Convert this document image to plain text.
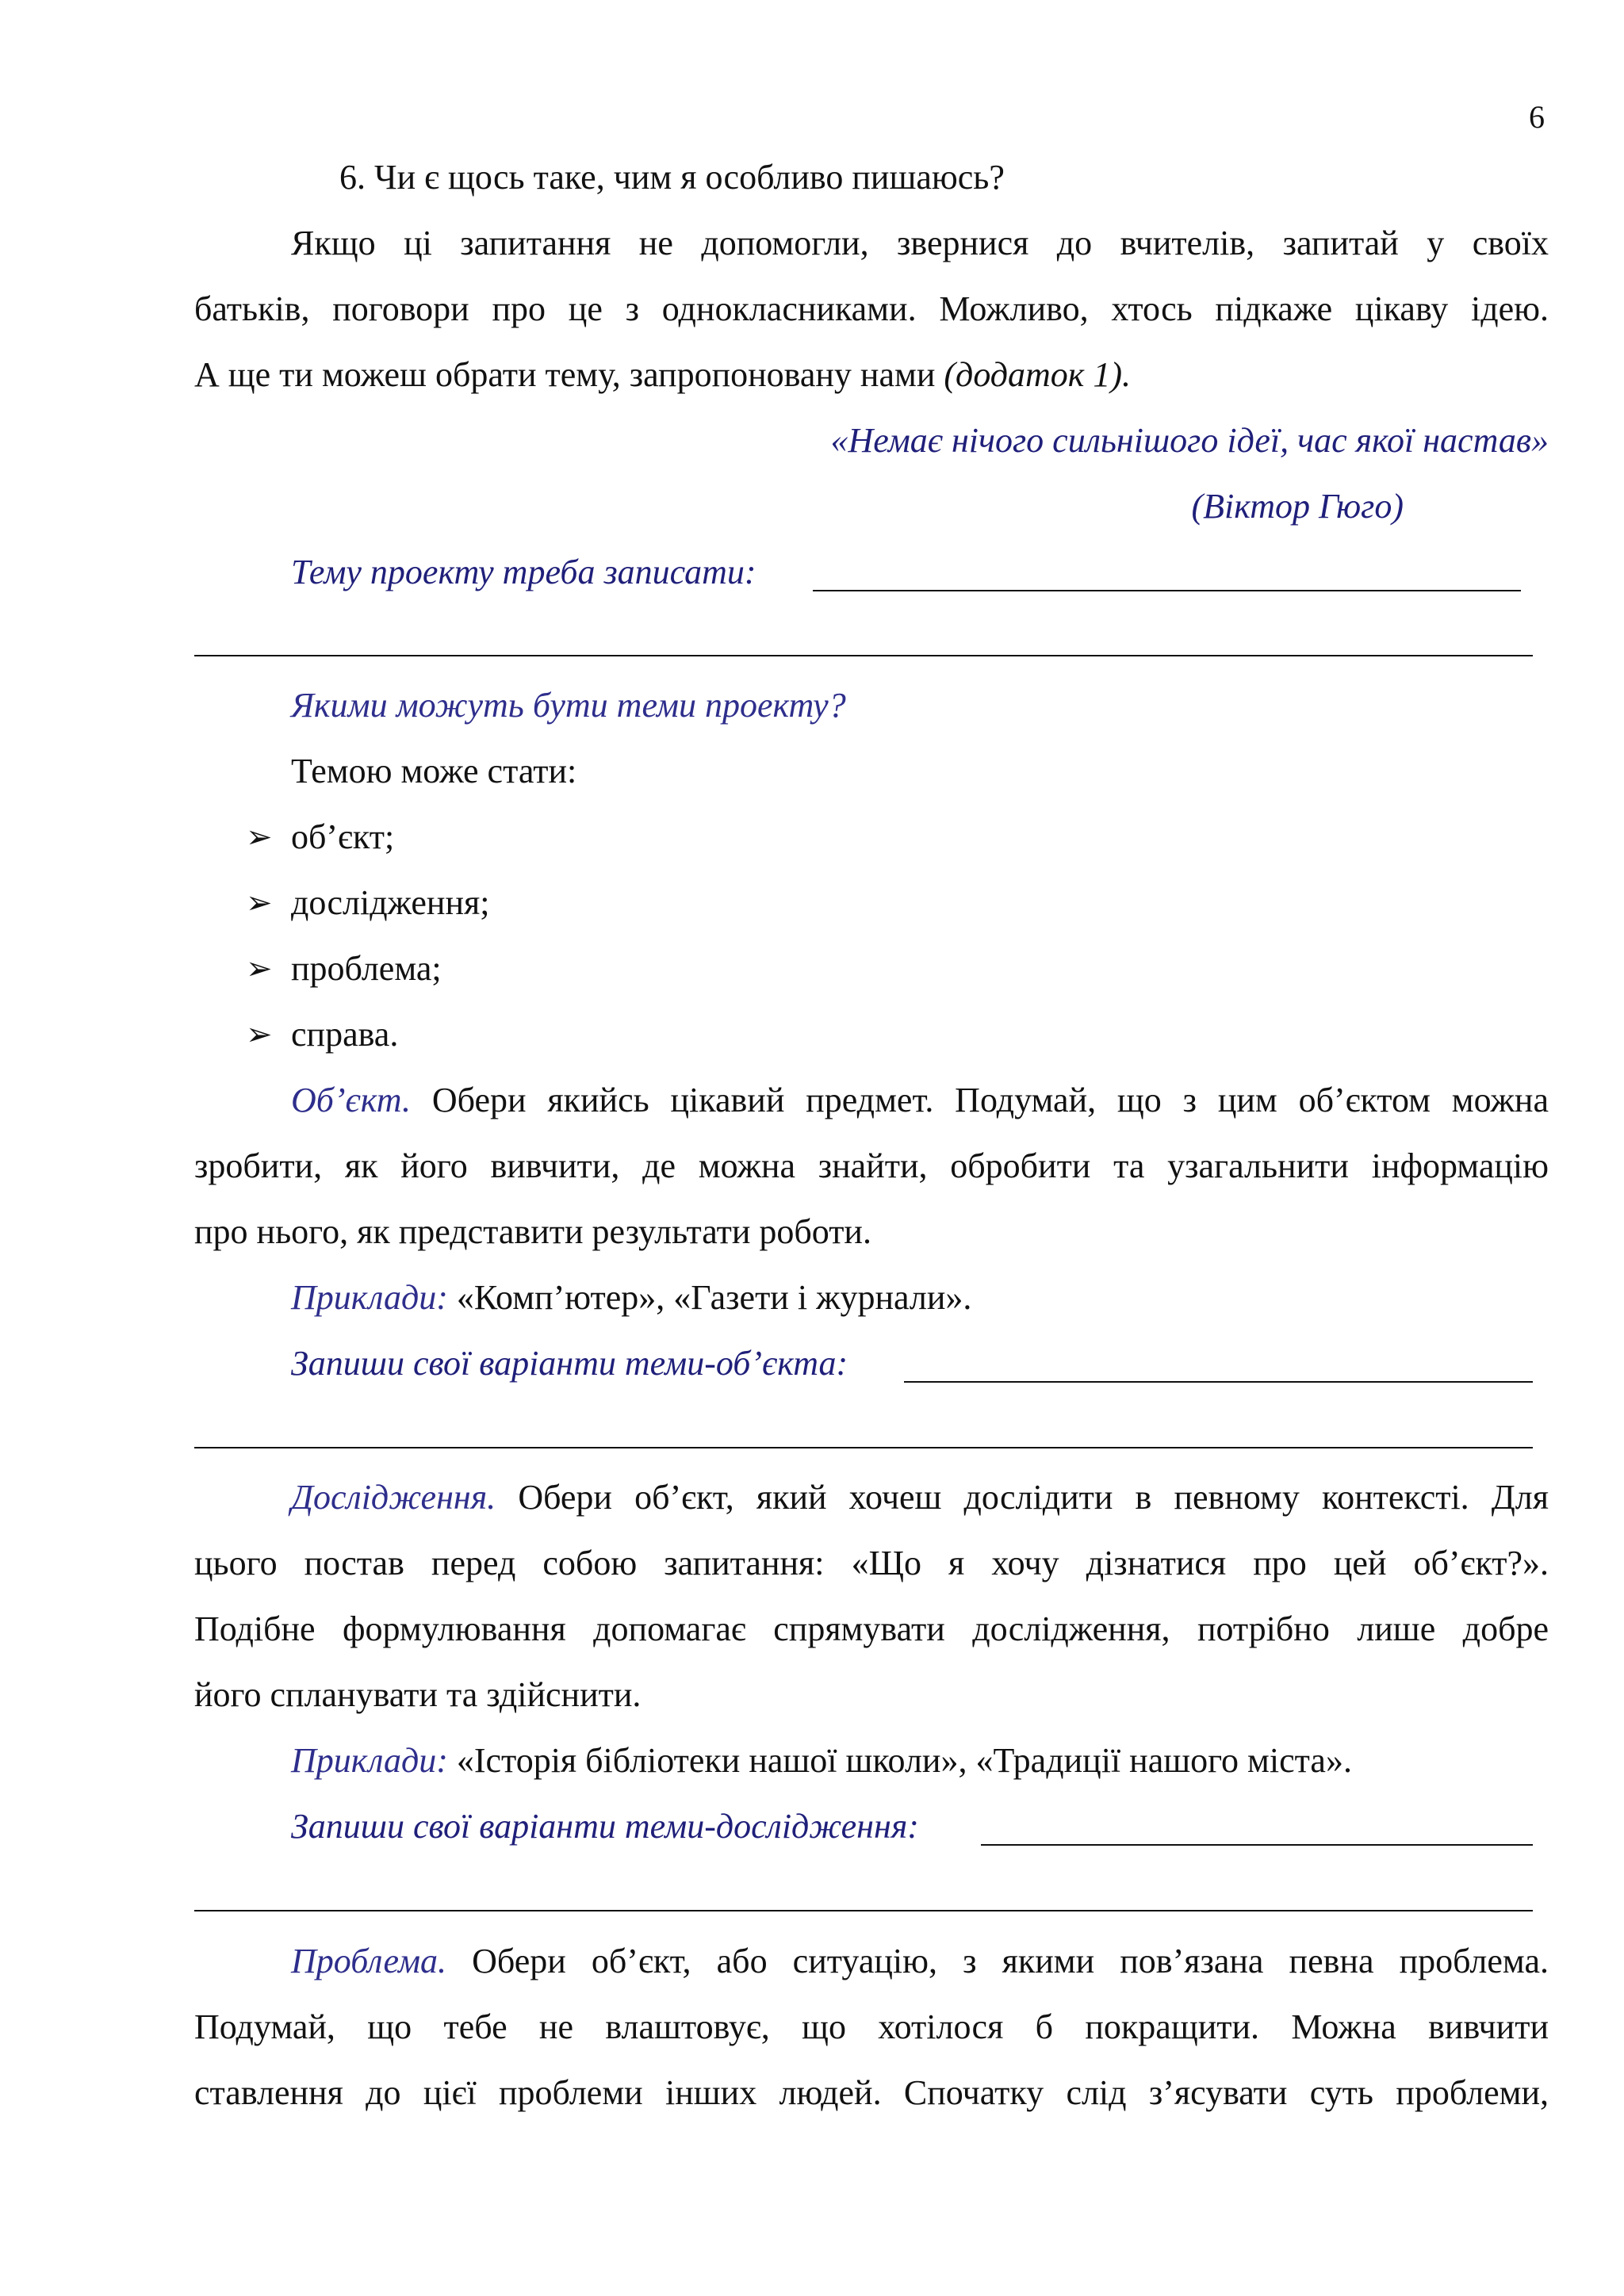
6
6. Чи є щось таке, чим я особливо пишаюсь?
Якщо ці запитання не допомогли, звернися до вчителів, запитай у своїх
батьків, поговори про це з однокласниками. Можливо, хтось підкаже цікаву ідею.
А ще ти можеш обрати тему, запропоновану нами (додаток 1).
«Немає нічого сильнішого ідеї, час якої настав»
(Віктор Гюго)
Тему проекту треба записати:
Якими можуть бути теми проекту?
Темою може стати:
➢ об’єкт;
➢ дослідження;
➢ проблема;
➢ справа.
Об’єкт. Обери якийсь цікавий предмет. Подумай, що з цим об’єктом можна
зробити, як його вивчити, де можна знайти, обробити та узагальнити інформацію
про нього, як представити результати роботи.
Приклади: «Комп’ютер», «Газети і журнали».
Запиши свої варіанти теми-об’єкта:
Дослідження. Обери об’єкт, який хочеш дослідити в певному контексті. Для
цього постав перед собою запитання: «Що я хочу дізнатися про цей об’єкт?».
Подібне формулювання допомагає спрямувати дослідження, потрібно лише добре
його спланувати та здійснити.
Приклади: «Історія бібліотеки нашої школи», «Традиції нашого міста».
Запиши свої варіанти теми-дослідження:
Проблема. Обери об’єкт, або ситуацію, з якими пов’язана певна проблема.
Подумай, що тебе не влаштовує, що хотілося б покращити. Можна вивчити
ставлення до цієї проблеми інших людей. Спочатку слід з’ясувати суть проблеми,
